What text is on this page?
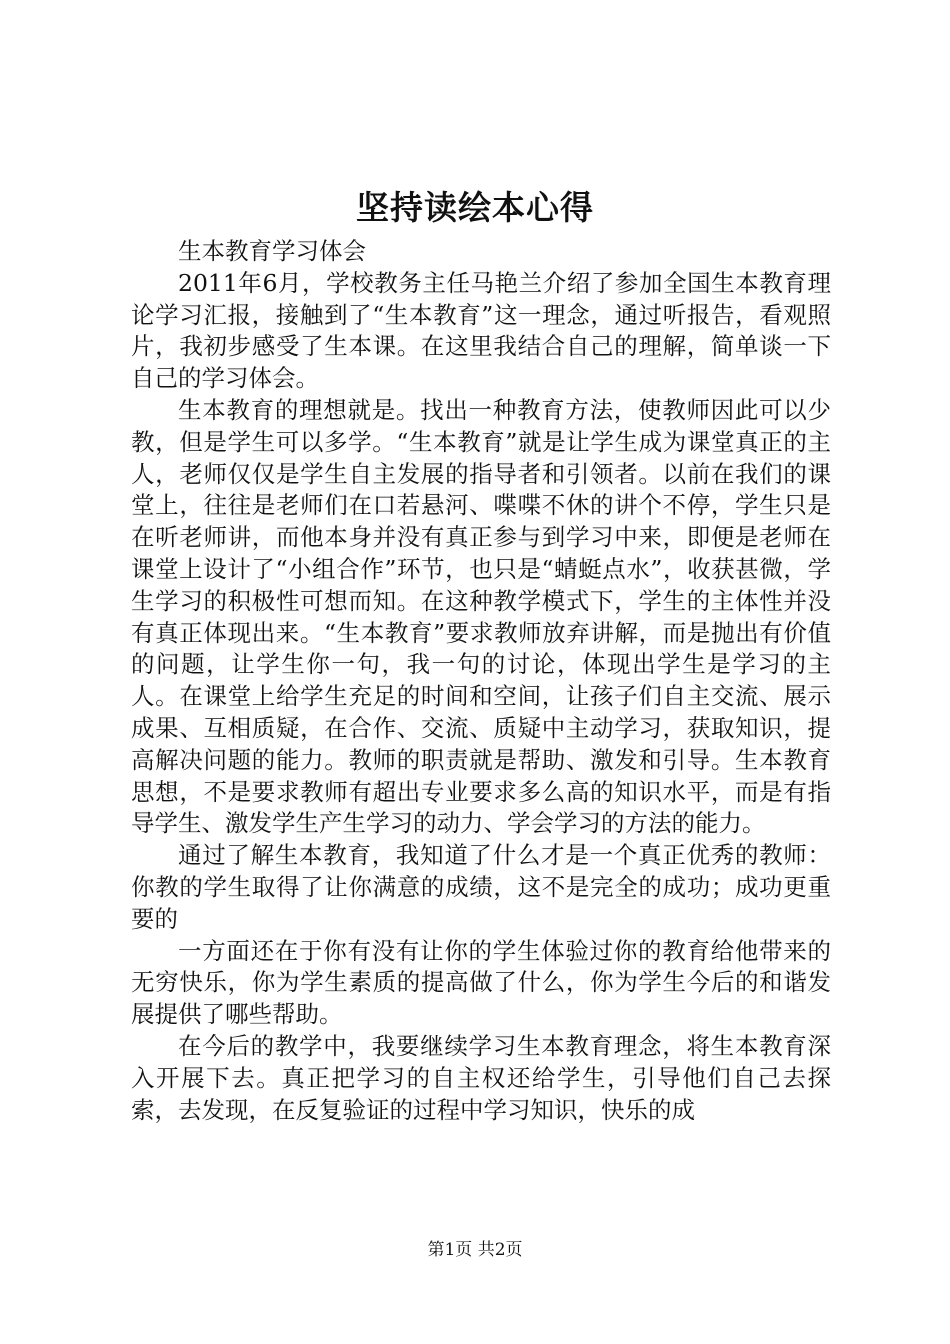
坚持读绘本心得

生本教育学习体会

2011年6月，学校教务主任马艳兰介绍了参加全国生本教育理论学习汇报，接触到了“生本教育”这一理念，通过听报告，看观照片，我初步感受了生本课。在这里我结合自己的理解，简单谈一下自己的学习体会。

生本教育的理想就是。找出一种教育方法，使教师因此可以少教，但是学生可以多学。“生本教育”就是让学生成为课堂真正的主人，老师仅仅是学生自主发展的指导者和引领者。以前在我们的课堂上，往往是老师们在口若悬河、喋喋不休的讲个不停，学生只是在听老师讲，而他本身并没有真正参与到学习中来，即便是老师在课堂上设计了“小组合作”环节，也只是“蜻蜓点水”，收获甚微，学生学习的积极性可想而知。在这种教学模式下，学生的主体性并没有真正体现出来。“生本教育”要求教师放弃讲解，而是抛出有价值的问题，让学生你一句，我一句的讨论，体现出学生是学习的主人。在课堂上给学生充足的时间和空间，让孩子们自主交流、展示成果、互相质疑，在合作、交流、质疑中主动学习，获取知识，提高解决问题的能力。教师的职责就是帮助、激发和引导。生本教育思想，不是要求教师有超出专业要求多么高的知识水平，而是有指导学生、激发学生产生学习的动力、学会学习的方法的能力。

通过了解生本教育，我知道了什么才是一个真正优秀的教师：你教的学生取得了让你满意的成绩，这不是完全的成功；成功更重要的

一方面还在于你有没有让你的学生体验过你的教育给他带来的无穷快乐，你为学生素质的提高做了什么，你为学生今后的和谐发展提供了哪些帮助。

在今后的教学中，我要继续学习生本教育理念，将生本教育深入开展下去。真正把学习的自主权还给学生，引导他们自己去探索，去发现，在反复验证的过程中学习知识，快乐的成

第1页 共2页
